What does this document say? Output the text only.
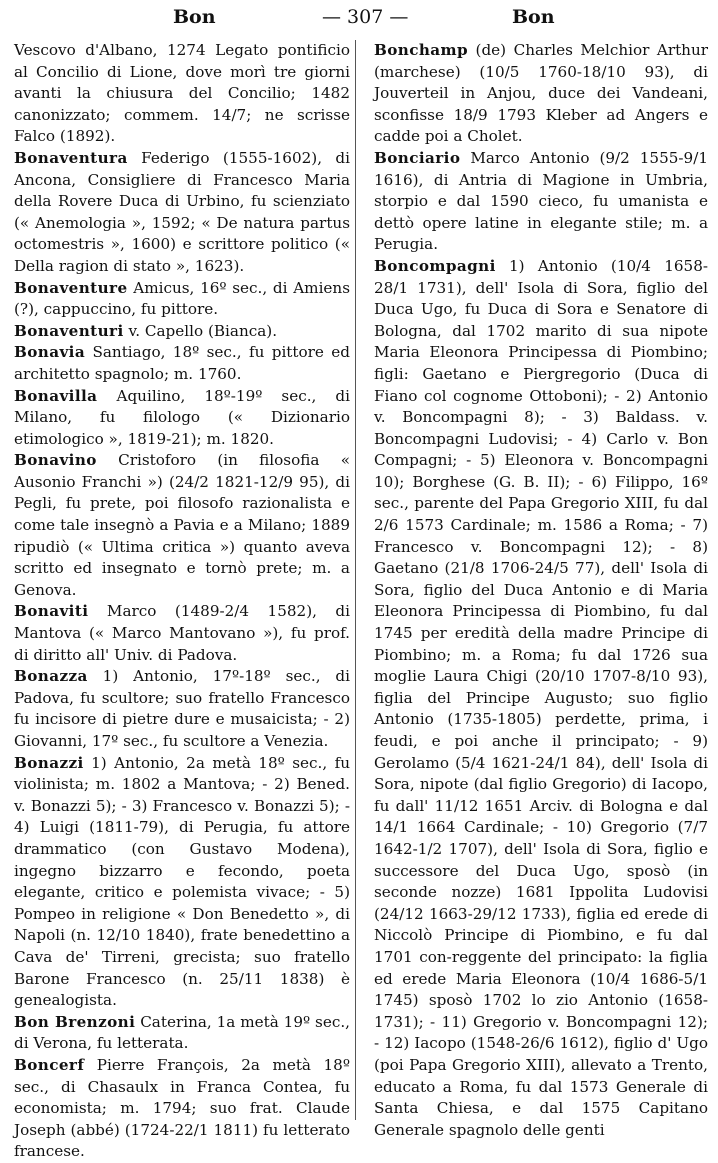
Bon	— 307 —	Bon

Vescovo d'Albano, 1274 Legato pontificio al Concilio di Lione, dove morì tre giorni avanti la chiusura del Concilio; 1482 canonizzato; commem. 14/7; ne scrisse Falco (1892).

Bonaventura Federigo (1555-1602), di Ancona, Consigliere di Francesco Maria della Rovere Duca di Urbino, fu scienziato (« Anemologia », 1592; « De natura partus octomestris », 1600) e scrittore politico (« Della ragion di stato », 1623).

Bonaventure Amicus, 16º sec., di Amiens (?), cappuccino, fu pittore.

Bonaventuri v. Capello (Bianca).

Bonavia Santiago, 18º sec., fu pittore ed architetto spagnolo; m. 1760.

Bonavilla Aquilino, 18º-19º sec., di Milano, fu filologo (« Dizionario etimologico », 1819-21); m. 1820.

Bonavino Cristoforo (in filosofia « Ausonio Franchi ») (24/2 1821-12/9 95), di Pegli, fu prete, poi filosofo razionalista e come tale insegnò a Pavia e a Milano; 1889 ripudiò (« Ultima critica ») quanto aveva scritto ed insegnato e tornò prete; m. a Genova.

Bonaviti Marco (1489-2/4 1582), di Mantova (« Marco Mantovano »), fu prof. di diritto all' Univ. di Padova.

Bonazza 1) Antonio, 17º-18º sec., di Padova, fu scultore; suo fratello Francesco fu incisore di pietre dure e musaicista; - 2) Giovanni, 17º sec., fu scultore a Venezia.

Bonazzi 1) Antonio, 2a metà 18º sec., fu violinista; m. 1802 a Mantova; - 2) Bened. v. Bonazzi 5); - 3) Francesco v. Bonazzi 5); - 4) Luigi (1811-79), di Perugia, fu attore drammatico (con Gustavo Modena), ingegno bizzarro e fecondo, poeta elegante, critico e polemista vivace; - 5) Pompeo in religione « Don Benedetto », di Napoli (n. 12/10 1840), frate benedettino a Cava de' Tirreni, grecista; suo fratello Barone Francesco (n. 25/11 1838) è genealogista.

Bon Brenzoni Caterina, 1a metà 19º sec., di Verona, fu letterata.

Boncerf Pierre François, 2a metà 18º sec., di Chasaulx in Franca Contea, fu economista; m. 1794; suo frat. Claude Joseph (abbé) (1724-22/1 1811) fu letterato francese.

Bonchamp (de) Charles Melchior Arthur (marchese) (10/5 1760-18/10 93), di Jouverteil in Anjou, duce dei Vandeani, sconfisse 18/9 1793 Kleber ad Angers e cadde poi a Cholet.

Bonciario Marco Antonio (9/2 1555-9/1 1616), di Antria di Magione in Umbria, storpio e dal 1590 cieco, fu umanista e dettò opere latine in elegante stile; m. a Perugia.

Boncompagni 1) Antonio (10/4 1658-28/1 1731), dell' Isola di Sora, figlio del Duca Ugo, fu Duca di Sora e Senatore di Bologna, dal 1702 marito di sua nipote Maria Eleonora Principessa di Piombino; figli: Gaetano e Piergregorio (Duca di Fiano col cognome Ottoboni); - 2) Antonio v. Boncompagni 8); - 3) Baldass. v. Boncompagni Ludovisi; - 4) Carlo v. Bon Compagni; - 5) Eleonora v. Boncompagni 10); Borghese (G. B. II); - 6) Filippo, 16º sec., parente del Papa Gregorio XIII, fu dal 2/6 1573 Cardinale; m. 1586 a Roma; - 7) Francesco v. Boncompagni 12); - 8) Gaetano (21/8 1706-24/5 77), dell' Isola di Sora, figlio del Duca Antonio e di Maria Eleonora Principessa di Piombino, fu dal 1745 per eredità della madre Principe di Piombino; m. a Roma; fu dal 1726 sua moglie Laura Chigi (20/10 1707-8/10 93), figlia del Principe Augusto; suo figlio Antonio (1735-1805) perdette, prima, i feudi, e poi anche il principato; - 9) Gerolamo (5/4 1621-24/1 84), dell' Isola di Sora, nipote (dal figlio Gregorio) di Iacopo, fu dall' 11/12 1651 Arciv. di Bologna e dal 14/1 1664 Cardinale; - 10) Gregorio (7/7 1642-1/2 1707), dell' Isola di Sora, figlio e successore del Duca Ugo, sposò (in seconde nozze) 1681 Ippolita Ludovisi (24/12 1663-29/12 1733), figlia ed erede di Niccolò Principe di Piombino, e fu dal 1701 con-reggente del principato: la figlia ed erede Maria Eleonora (10/4 1686-5/1 1745) sposò 1702 lo zio Antonio (1658-1731); - 11) Gregorio v. Boncompagni 12); - 12) Iacopo (1548-26/6 1612), figlio d' Ugo (poi Papa Gregorio XIII), allevato a Trento, educato a Roma, fu dal 1573 Generale di Santa Chiesa, e dal 1575 Capitano Generale spagnolo delle genti
